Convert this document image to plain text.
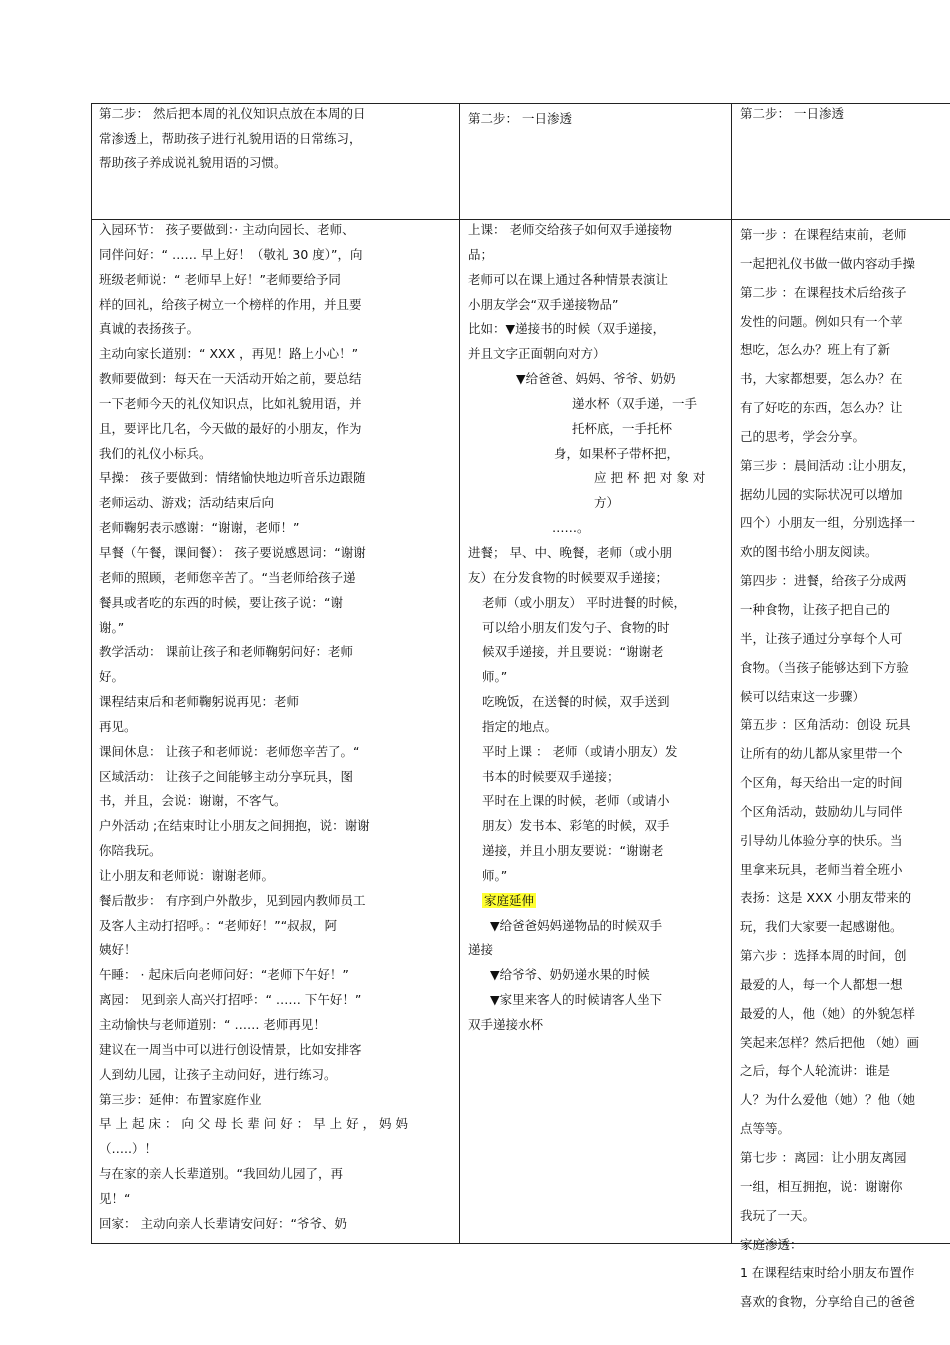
第二步： 然后把本周的礼仪知识点放在本周的日
常渗透上，帮助孩子进行礼貌用语的日常练习，
帮助孩子养成说礼貌用语的习惯。
第二步： 一日渗透	第二步： 一日渗透
入园环节： 孩子要做到：· 主动向园长、老师、
同伴问好：“ …… 早上好！（敬礼 30 度）”，向
班级老师说：“ 老师早上好！”老师要给予同
样的回礼，给孩子树立一个榜样的作用，并且要
真诚的表扬孩子。
主动向家长道别：“ XXX ，再见！路上小心！”
教师要做到：每天在一天活动开始之前，要总结
一下老师今天的礼仪知识点，比如礼貌用语，并
且，要评比几名，今天做的最好的小朋友，作为
我们的礼仪小标兵。
早操： 孩子要做到：情绪愉快地边听音乐边跟随
老师运动、游戏；活动结束后向
老师鞠躬表示感谢：“谢谢，老师！”
早餐（午餐，课间餐）： 孩子要说感恩词：“谢谢
老师的照顾，老师您辛苦了。“当老师给孩子递
餐具或者吃的东西的时候，要让孩子说：“谢
谢。”
教学活动： 课前让孩子和老师鞠躬问好：老师
好。
课程结束后和老师鞠躬说再见：老师
再见。
课间休息： 让孩子和老师说：老师您辛苦了。“
区域活动： 让孩子之间能够主动分享玩具，图
书，并且，会说：谢谢，不客气。
户外活动 ;在结束时让小朋友之间拥抱，说：谢谢
你陪我玩。
让小朋友和老师说：谢谢老师。
餐后散步： 有序到户外散步，见到园内教师员工
及客人主动打招呼。：“老师好！”“叔叔，阿
姨好！
午睡： · 起床后向老师问好：“老师下午好！”
离园： 见到亲人高兴打招呼：“ …… 下午好！”
主动愉快与老师道别：“ …… 老师再见！
建议在一周当中可以进行创设情景，比如安排客
人到幼儿园，让孩子主动问好，进行练习。
第三步：延伸：布置家庭作业
早 上 起 床 ： 向 父 母 长 辈 问 好 ： 早 上 好 ， 妈 妈
（…..）！
与在家的亲人长辈道别。“我回幼儿园了，再
见！“
回家： 主动向亲人长辈请安问好：“爷爷、奶
上课： 老师交给孩子如何双手递接物
品；
老师可以在课上通过各种情景表演让
小朋友学会“双手递接物品”
比如：▼递接书的时候（双手递接，
并且文字正面朝向对方）
▼给爸爸、妈妈、爷爷、奶奶
递水杯（双手递，一手
托杯底，一手托杯
身，如果杯子带杯把，
应 把 杯 把 对 象 对
方）
……。
进餐； 早、中、晚餐，老师（或小朋
友）在分发食物的时候要双手递接；
老师（或小朋友） 平时进餐的时候，
可以给小朋友们发勺子、食物的时
候双手递接，并且要说：“谢谢老
师。”
吃晚饭，在送餐的时候，双手送到
指定的地点。
平时上课 ： 老师（或请小朋友）发
书本的时候要双手递接；
平时在上课的时候，老师（或请小
朋友）发书本、彩笔的时候，双手
递接，并且小朋友要说：“谢谢老
师。”
家庭延伸
▼给爸爸妈妈递物品的时候双手
递接
▼给爷爷、奶奶递水果的时候
▼家里来客人的时候请客人坐下
双手递接水杯
第一步 ：在课程结束前，老师
一起把礼仪书做一做内容动手操
第二步 ：在课程技术后给孩子
发性的问题。例如只有一个苹
想吃，怎么办？班上有了新
书，大家都想要，怎么办？在
有了好吃的东西，怎么办？让
己的思考，学会分享。
第三步 ：晨间活动 :让小朋友，
据幼儿园的实际状况可以增加
四个）小朋友一组，分别选择一
欢的图书给小朋友阅读。
第四步 ：进餐，给孩子分成两
一种食物，让孩子把自己的
半，让孩子通过分享每个人可
食物。（当孩子能够达到下方验
候可以结束这一步骤）
第五步 ：区角活动：创设 玩具
让所有的幼儿都从家里带一个
个区角，每天给出一定的时间
个区角活动，鼓励幼儿与同伴
引导幼儿体验分享的快乐。当
里拿来玩具，老师当着全班小
表扬：这是 XXX 小朋友带来的
玩，我们大家要一起感谢他。
第六步 ：选择本周的时间，创
最爱的人，每一个人都想一想
最爱的人，他（她）的外貌怎样
笑起来怎样？然后把他 （她）画
之后，每个人轮流讲：谁是
人？为什么爱他（她）？他（她
点等等。
第七步 ：离园：让小朋友离园
一组，相互拥抱，说：谢谢你
我玩了一天。
家庭渗透：
1 在课程结束时给小朋友布置作
喜欢的食物，分享给自己的爸爸
